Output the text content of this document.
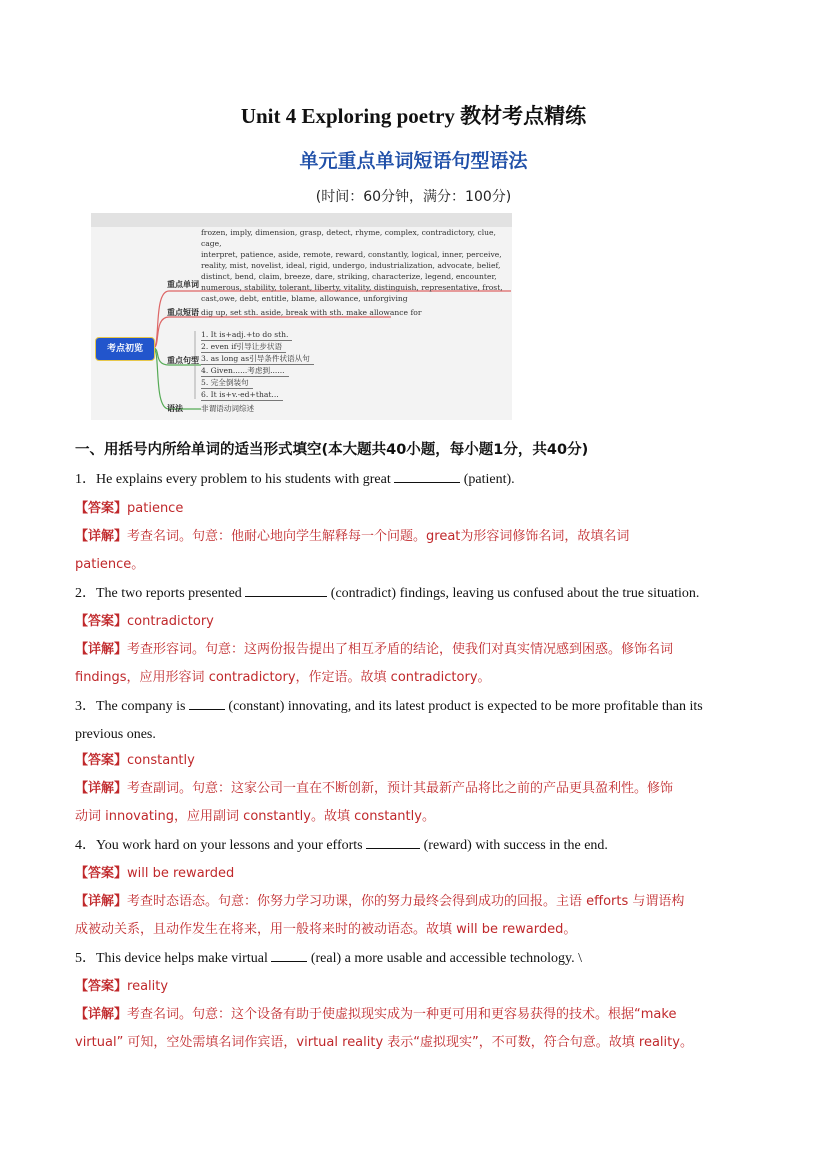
Unit 4 Exploring poetry 教材考点精练
单元重点单词短语句型语法
(时间：60分钟，满分：100分)
考点初览
重点单词
frozen, imply, dimension, grasp, detect, rhyme, complex, contradictory, clue, cage,
interpret, patience, aside, remote, reward, constantly, logical, inner, perceive,
reality, mist, novelist, ideal, rigid, undergo, industrialization, advocate, belief,
distinct, bend, claim, breeze, dare, striking, characterize, legend, encounter,
numerous, stability, tolerant, liberty, vitality, distinguish, representative, frost,
cast,owe, debt, entitle, blame, allowance, unforgiving
重点短语 dig up, set sth. aside, break with sth. make allowance for
重点句型
1. It is+adj.+to do sth.
2. even if引导让步状语
3. as long as引导条件状语从句
4. Given......考虑到......
5. 完全倒装句
6. It is+v.-ed+that...
语法 非谓语动词综述
一、用括号内所给单词的适当形式填空(本大题共40小题，每小题1分，共40分)
1．He explains every problem to his students with great	(patient).
【答案】patience
【详解】考查名词。句意：他耐心地向学生解释每一个问题。great为形容词修饰名词，故填名词
patience。
2．The two reports presented	(contradict) findings, leaving us confused about the true situation.
【答案】contradictory
【详解】考查形容词。句意：这两份报告提出了相互矛盾的结论，使我们对真实情况感到困惑。修饰名词
findings，应用形容词 contradictory，作定语。故填 contradictory。
3．The company is	(constant) innovating, and its latest product is expected to be more profitable than its
previous ones.
【答案】constantly
【详解】考查副词。句意：这家公司一直在不断创新，预计其最新产品将比之前的产品更具盈利性。修饰
动词 innovating，应用副词 constantly。故填 constantly。
4．You work hard on your lessons and your efforts	(reward) with success in the end.
【答案】will be rewarded
【详解】考查时态语态。句意：你努力学习功课，你的努力最终会得到成功的回报。主语 efforts 与谓语构
成被动关系，且动作发生在将来，用一般将来时的被动语态。故填 will be rewarded。
5．This device helps make virtual	(real) a more usable and accessible technology. \
【答案】reality
【详解】考查名词。句意：这个设备有助于使虚拟现实成为一种更可用和更容易获得的技术。根据“make
virtual” 可知，空处需填名词作宾语，virtual reality 表示“虚拟现实”，不可数，符合句意。故填 reality。
